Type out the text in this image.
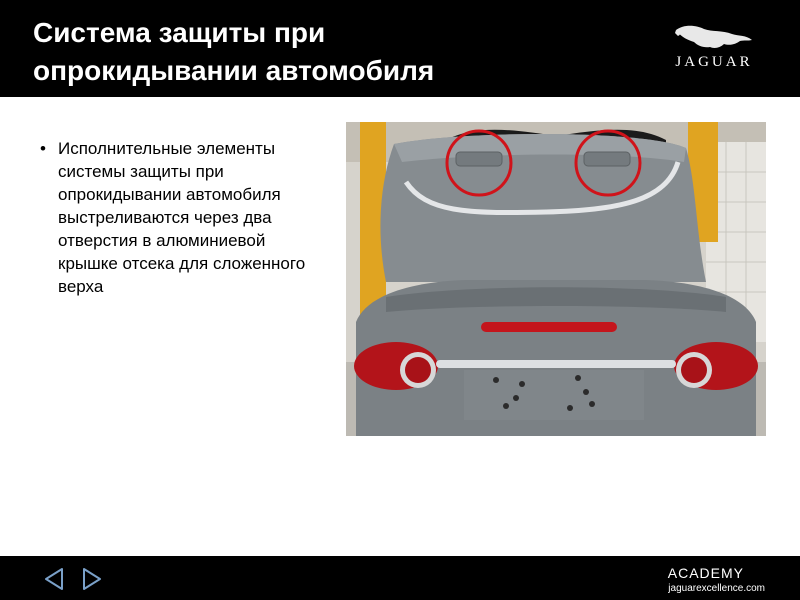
Система защиты при
опрокидывании автомобиля	JAGUAR
• Исполнительные элементы системы защиты при опрокидывании автомобиля выстреливаются через два отверстия в алюминиевой крышке отсека для сложенного верха
ACADEMY
jaguarexcellence.com
